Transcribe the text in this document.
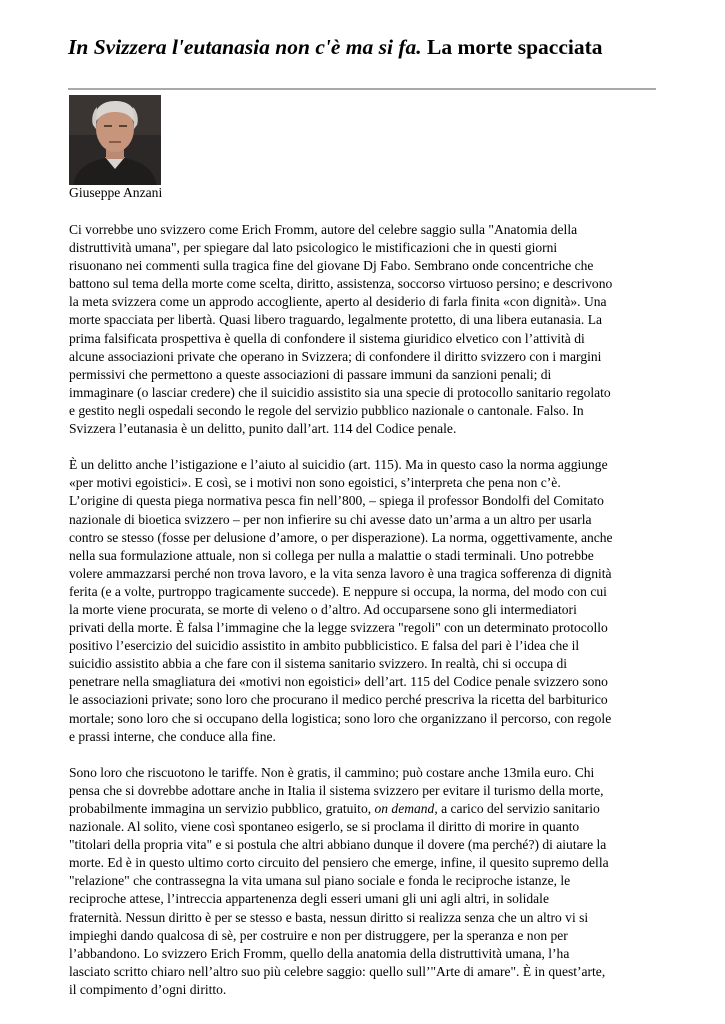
In Svizzera l'eutanasia non c'è ma si fa. La morte spacciata
Giuseppe Anzani

Ci vorrebbe uno svizzero come Erich Fromm, autore del celebre saggio sulla "Anatomia della
distruttività umana", per spiegare dal lato psicologico le mistificazioni che in questi giorni
risuonano nei commenti sulla tragica fine del giovane Dj Fabo. Sembrano onde concentriche che
battono sul tema della morte come scelta, diritto, assistenza, soccorso virtuoso persino; e descrivono
la meta svizzera come un approdo accogliente, aperto al desiderio di farla finita «con dignità». Una
morte spacciata per libertà. Quasi libero traguardo, legalmente protetto, di una libera eutanasia. La
prima falsificata prospettiva è quella di confondere il sistema giuridico elvetico con l’attività di
alcune associazioni private che operano in Svizzera; di confondere il diritto svizzero con i margini
permissivi che permettono a queste associazioni di passare immuni da sanzioni penali; di
immaginare (o lasciar credere) che il suicidio assistito sia una specie di protocollo sanitario regolato
e gestito negli ospedali secondo le regole del servizio pubblico nazionale o cantonale. Falso. In
Svizzera l’eutanasia è un delitto, punito dall’art. 114 del Codice penale.

È un delitto anche l’istigazione e l’aiuto al suicidio (art. 115). Ma in questo caso la norma aggiunge
«per motivi egoistici». E così, se i motivi non sono egoistici, s’interpreta che pena non c’è.
L’origine di questa piega normativa pesca fin nell’800, – spiega il professor Bondolfi del Comitato
nazionale di bioetica svizzero – per non infierire su chi avesse dato un’arma a un altro per usarla
contro se stesso (fosse per delusione d’amore, o per disperazione). La norma, oggettivamente, anche
nella sua formulazione attuale, non si collega per nulla a malattie o stadi terminali. Uno potrebbe
volere ammazzarsi perché non trova lavoro, e la vita senza lavoro è una tragica sofferenza di dignità
ferita (e a volte, purtroppo tragicamente succede). E neppure si occupa, la norma, del modo con cui
la morte viene procurata, se morte di veleno o d’altro. Ad occuparsene sono gli intermediatori
privati della morte. È falsa l’immagine che la legge svizzera "regoli" con un determinato protocollo
positivo l’esercizio del suicidio assistito in ambito pubblicistico. E falsa del pari è l’idea che il
suicidio assistito abbia a che fare con il sistema sanitario svizzero. In realtà, chi si occupa di
penetrare nella smagliatura dei «motivi non egoistici» dell’art. 115 del Codice penale svizzero sono
le associazioni private; sono loro che procurano il medico perché prescriva la ricetta del barbiturico
mortale; sono loro che si occupano della logistica; sono loro che organizzano il percorso, con regole
e prassi interne, che conduce alla fine.

Sono loro che riscuotono le tariffe. Non è gratis, il cammino; può costare anche 13mila euro. Chi
pensa che si dovrebbe adottare anche in Italia il sistema svizzero per evitare il turismo della morte,
probabilmente immagina un servizio pubblico, gratuito, on demand, a carico del servizio sanitario
nazionale. Al solito, viene così spontaneo esigerlo, se si proclama il diritto di morire in quanto
"titolari della propria vita" e si postula che altri abbiano dunque il dovere (ma perché?) di aiutare la
morte. Ed è in questo ultimo corto circuito del pensiero che emerge, infine, il quesito supremo della
"relazione" che contrassegna la vita umana sul piano sociale e fonda le reciproche istanze, le
reciproche attese, l’intreccia appartenenza degli esseri umani gli uni agli altri, in solidale
fraternità. Nessun diritto è per se stesso e basta, nessun diritto si realizza senza che un altro vi si
impieghi dando qualcosa di sè, per costruire e non per distruggere, per la speranza e non per
l’abbandono. Lo svizzero Erich Fromm, quello della anatomia della distruttività umana, l’ha
lasciato scritto chiaro nell’altro suo più celebre saggio: quello sull’"Arte di amare". È in quest’arte,
il compimento d’ogni diritto.
